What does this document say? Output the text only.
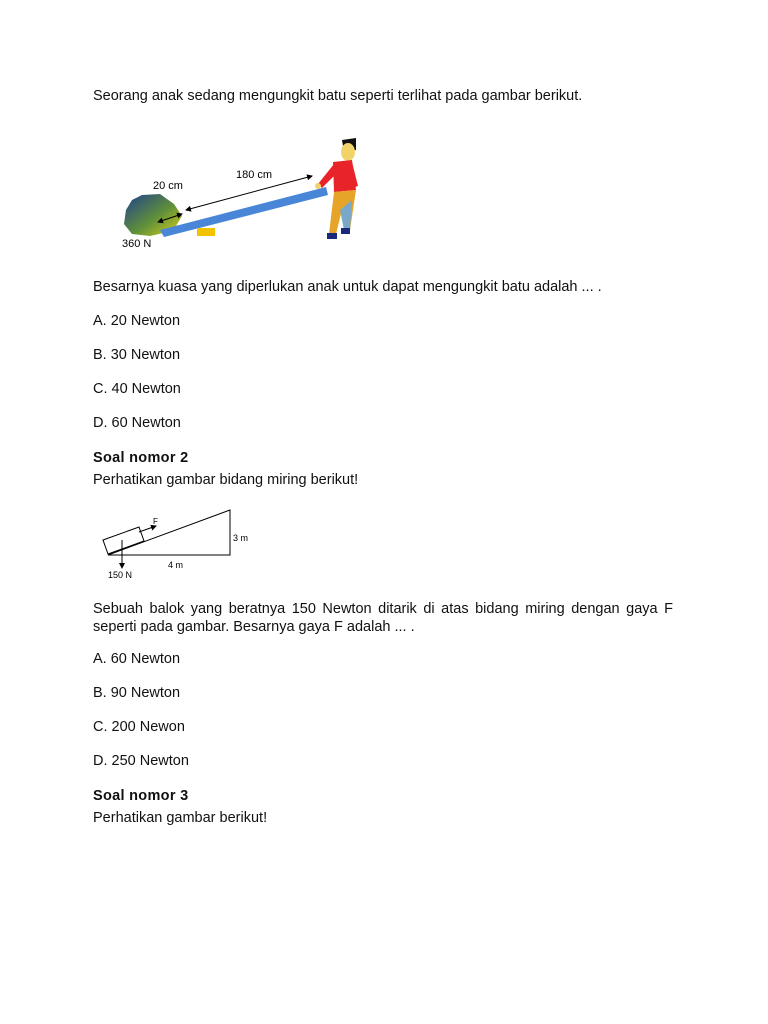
Seorang anak sedang mengungkit batu seperti terlihat pada gambar berikut.
20 cm
180 cm
360 N
Besarnya kuasa yang diperlukan anak untuk dapat mengungkit batu adalah ... .
A. 20 Newton
B. 30 Newton
C. 40 Newton
D. 60 Newton
Soal nomor 2
Perhatikan gambar bidang miring berikut!
F
150 N
3 m
4 m
Sebuah balok yang beratnya 150 Newton ditarik di atas bidang miring dengan gaya F seperti pada gambar. Besarnya gaya F adalah ... .
A. 60 Newton
B. 90 Newton
C. 200 Newon
D. 250 Newton
Soal nomor 3
Perhatikan gambar berikut!
